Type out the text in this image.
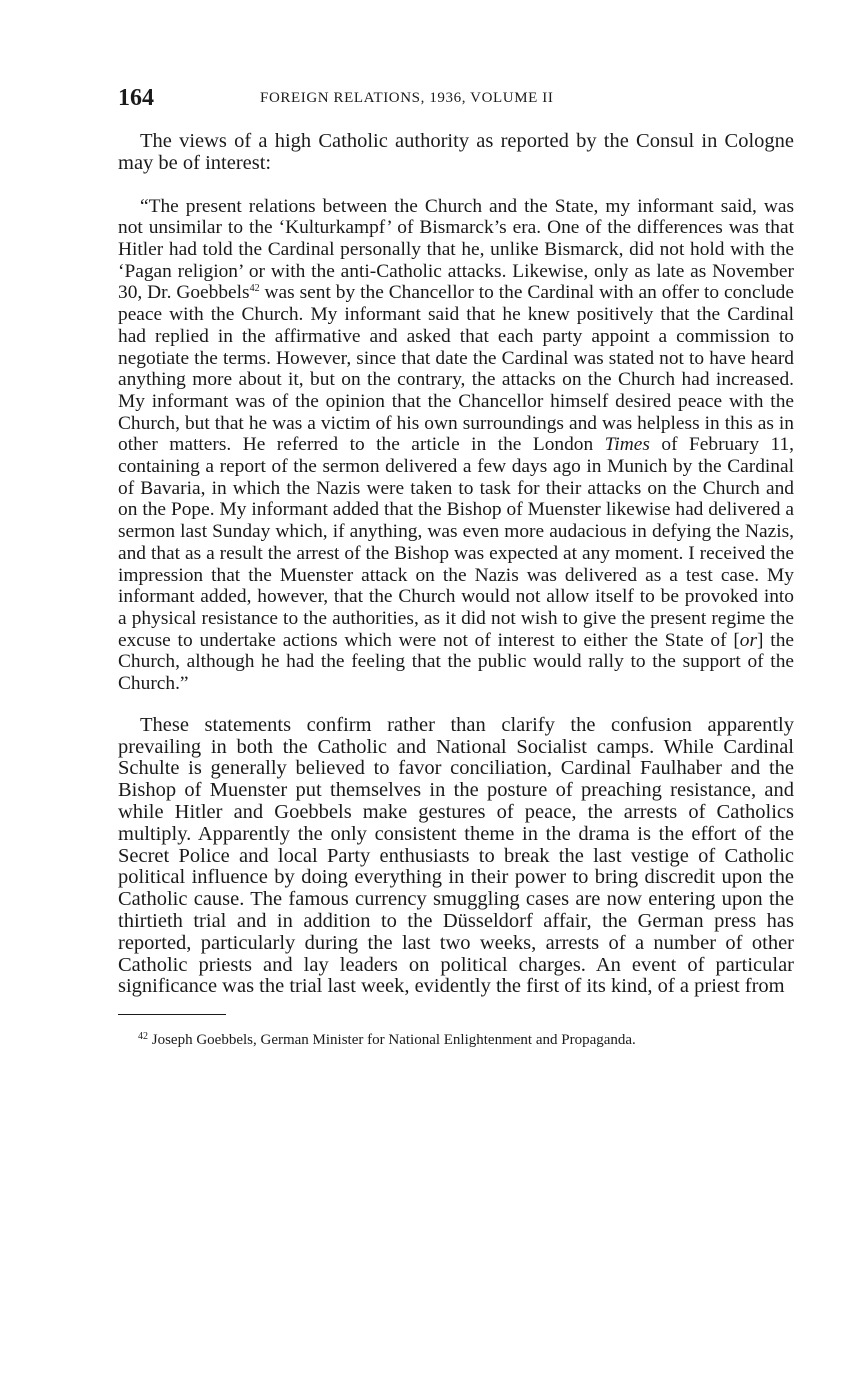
164	FOREIGN RELATIONS, 1936, VOLUME II

The views of a high Catholic authority as reported by the Consul in Cologne may be of interest:

“The present relations between the Church and the State, my informant said, was not unsimilar to the ‘Kulturkampf’ of Bismarck’s era. One of the differences was that Hitler had told the Cardinal personally that he, unlike Bismarck, did not hold with the ‘Pagan religion’ or with the anti-Catholic attacks. Likewise, only as late as November 30, Dr. Goebbels$^{42}$ was sent by the Chancellor to the Cardinal with an offer to conclude peace with the Church. My informant said that he knew positively that the Cardinal had replied in the affirmative and asked that each party appoint a commission to negotiate the terms. However, since that date the Cardinal was stated not to have heard anything more about it, but on the contrary, the attacks on the Church had increased. My informant was of the opinion that the Chancellor himself desired peace with the Church, but that he was a victim of his own surroundings and was helpless in this as in other matters. He referred to the article in the London Times of February 11, containing a report of the sermon delivered a few days ago in Munich by the Cardinal of Bavaria, in which the Nazis were taken to task for their attacks on the Church and on the Pope. My informant added that the Bishop of Muenster likewise had delivered a sermon last Sunday which, if anything, was even more audacious in defying the Nazis, and that as a result the arrest of the Bishop was expected at any moment. I received the impression that the Muenster attack on the Nazis was delivered as a test case. My informant added, however, that the Church would not allow itself to be provoked into a physical resistance to the authorities, as it did not wish to give the present regime the excuse to undertake actions which were not of interest to either the State of [or] the Church, although he had the feeling that the public would rally to the support of the Church.”

These statements confirm rather than clarify the confusion apparently prevailing in both the Catholic and National Socialist camps. While Cardinal Schulte is generally believed to favor conciliation, Cardinal Faulhaber and the Bishop of Muenster put themselves in the posture of preaching resistance, and while Hitler and Goebbels make gestures of peace, the arrests of Catholics multiply. Apparently the only consistent theme in the drama is the effort of the Secret Police and local Party enthusiasts to break the last vestige of Catholic political influence by doing everything in their power to bring discredit upon the Catholic cause. The famous currency smuggling cases are now entering upon the thirtieth trial and in addition to the Düsseldorf affair, the German press has reported, particularly during the last two weeks, arrests of a number of other Catholic priests and lay leaders on political charges. An event of particular significance was the trial last week, evidently the first of its kind, of a priest from

$^{42}$ Joseph Goebbels, German Minister for National Enlightenment and Propaganda.
